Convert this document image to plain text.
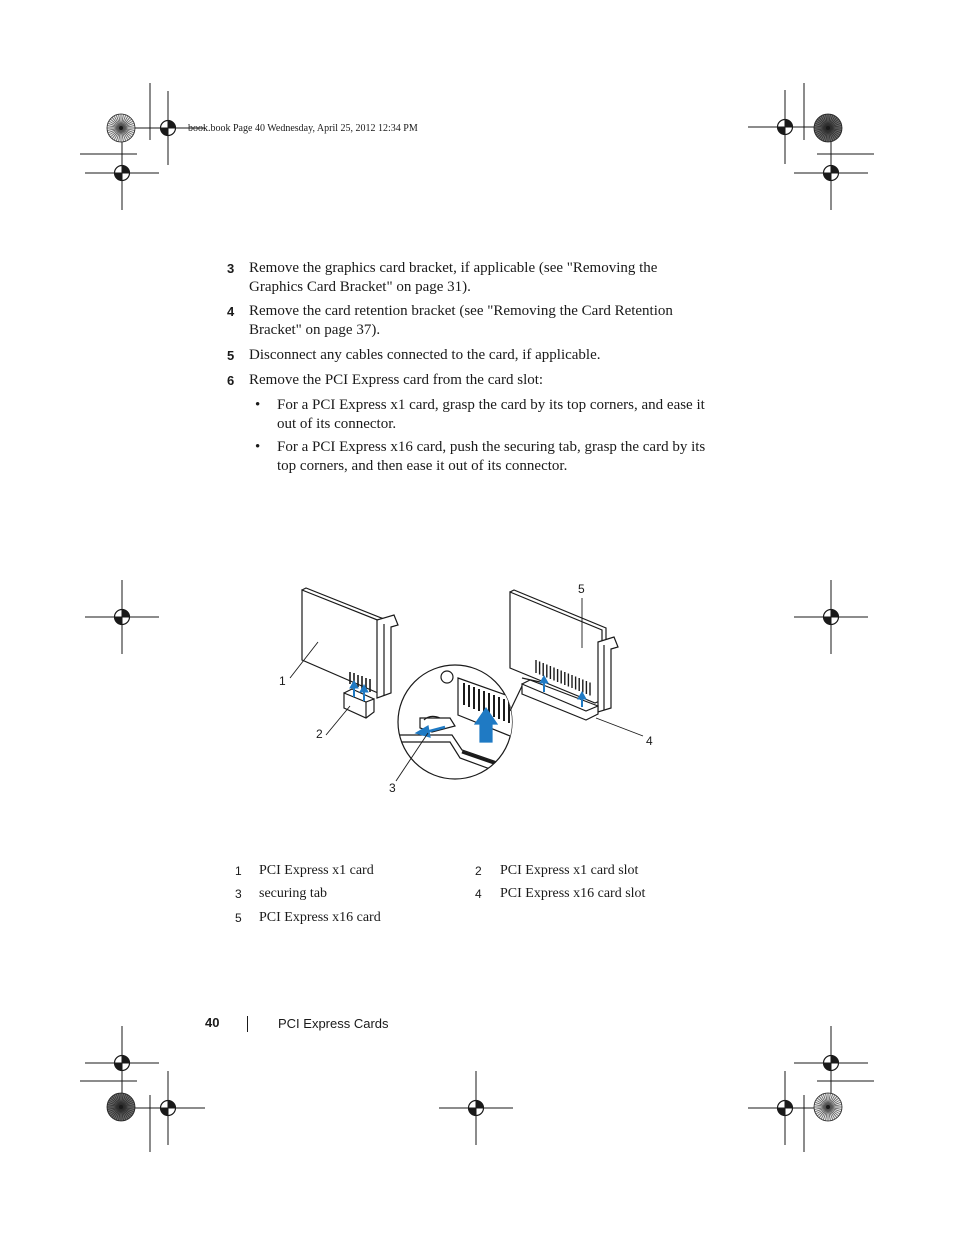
book.book Page 40 Wednesday, April 25, 2012 12:34 PM
3 Remove the graphics card bracket, if applicable (see "Removing the
Graphics Card Bracket" on page 31).
4 Remove the card retention bracket (see "Removing the Card Retention
Bracket" on page 37).
5 Disconnect any cables connected to the card, if applicable.
6 Remove the PCI Express card from the card slot:
• For a PCI Express x1 card, grasp the card by its top corners, and ease it
out of its connector.
• For a PCI Express x16 card, push the securing tab, grasp the card by its
top corners, and then ease it out of its connector.
1
2
3
4
5
1 PCI Express x1 card	2 PCI Express x1 card slot
3 securing tab	4 PCI Express x16 card slot
5 PCI Express x16 card
40	PCI Express Cards
